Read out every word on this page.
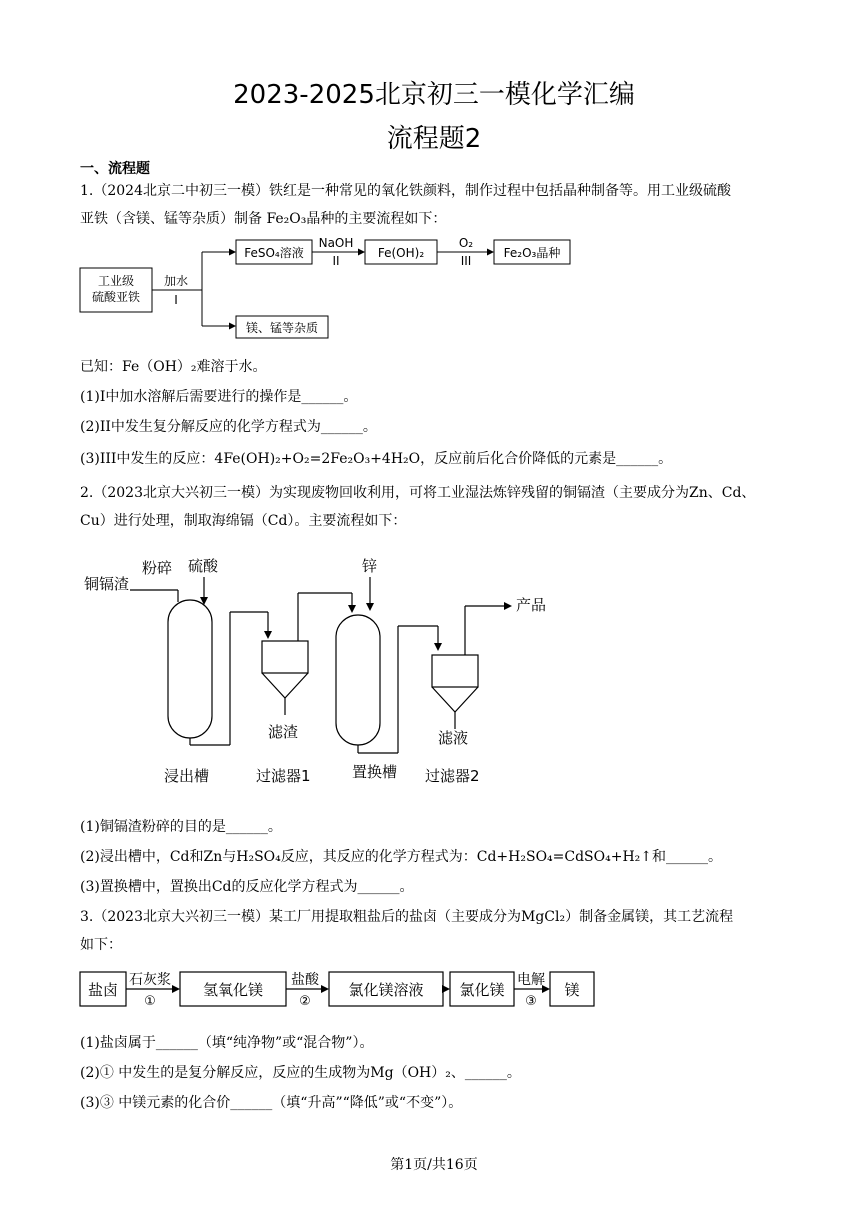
2023-2025北京初三一模化学汇编
流程题2
一、流程题
1.（2024北京二中初三一模）铁红是一种常见的氧化铁颜料，制作过程中包括晶种制备等。用工业级硫酸
亚铁（含镁、锰等杂质）制备 Fe₂O₃晶种的主要流程如下：
工业级
硫酸亚铁
加水
I
FeSO₄溶液
NaOH
II
Fe(OH)₂
O₂
III
Fe₂O₃晶种
镁、锰等杂质
已知：Fe（OH）₂难溶于水。
(1)I中加水溶解后需要进行的操作是______。
(2)II中发生复分解反应的化学方程式为______。
(3)III中发生的反应：4Fe(OH)₂+O₂=2Fe₂O₃+4H₂O，反应前后化合价降低的元素是______。
2.（2023北京大兴初三一模）为实现废物回收利用，可将工业湿法炼锌残留的铜镉渣（主要成分为Zn、Cd、
Cu）进行处理，制取海绵镉（Cd）。主要流程如下：
铜镉渣
粉碎 硫酸	锌
产品
滤渣	滤液
浸出槽	过滤器1	置换槽 过滤器2
(1)铜镉渣粉碎的目的是______。
(2)浸出槽中，Cd和Zn与H₂SO₄反应，其反应的化学方程式为：Cd+H₂SO₄=CdSO₄+H₂↑和______。
(3)置换槽中，置换出Cd的反应化学方程式为______。
3.（2023北京大兴初三一模）某工厂用提取粗盐后的盐卤（主要成分为MgCl₂）制备金属镁，其工艺流程
如下：
盐卤
石灰浆
①
氢氧化镁
盐酸
②
氯化镁溶液 氯化镁
电解
③
镁
(1)盐卤属于______（填“纯净物”或“混合物”）。
(2)① 中发生的是复分解反应，反应的生成物为Mg（OH）₂、______。
(3)③ 中镁元素的化合价______（填“升高”“降低”或“不变”）。
第1页/共16页
